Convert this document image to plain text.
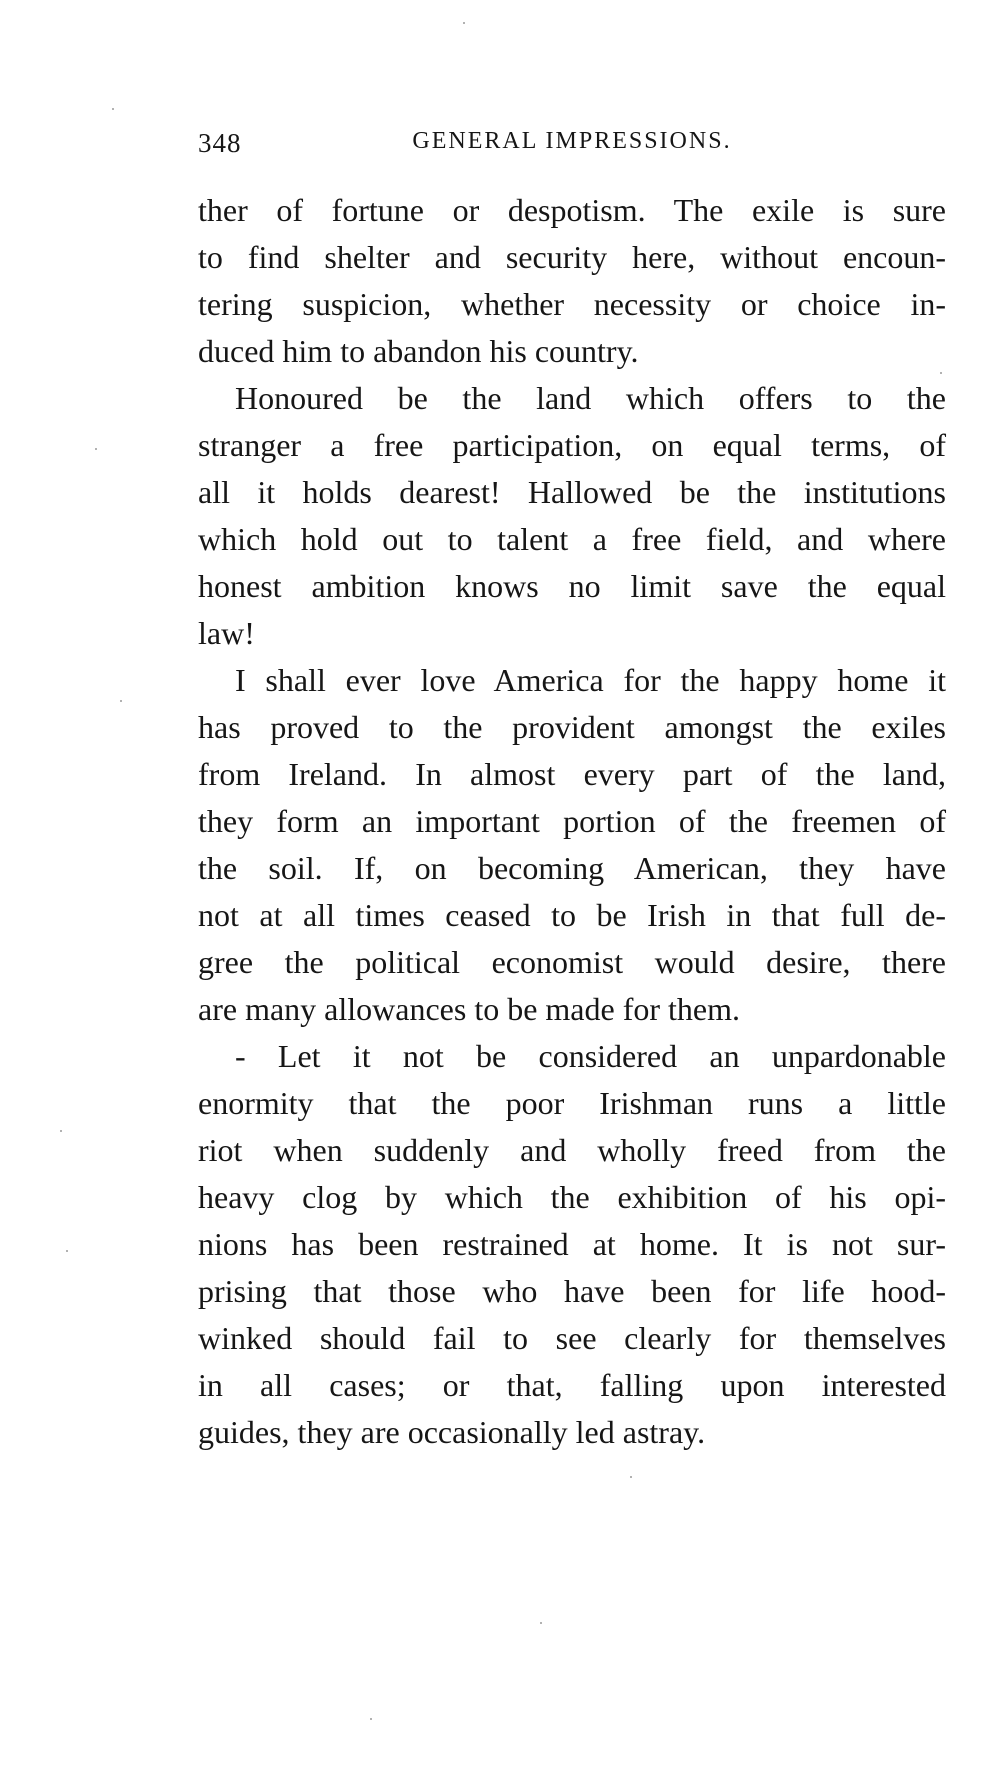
348	GENERAL IMPRESSIONS.
ther of fortune or despotism. The exile is sure
to find shelter and security here, without encoun-
tering suspicion, whether necessity or choice in-
duced him to abandon his country.
Honoured be the land which offers to the
stranger a free participation, on equal terms, of
all it holds dearest! Hallowed be the institutions
which hold out to talent a free field, and where
honest ambition knows no limit save the equal
law!
I shall ever love America for the happy home it
has proved to the provident amongst the exiles
from Ireland. In almost every part of the land,
they form an important portion of the freemen of
the soil. If, on becoming American, they have
not at all times ceased to be Irish in that full de-
gree the political economist would desire, there
are many allowances to be made for them.
- Let it not be considered an unpardonable
enormity that the poor Irishman runs a little
riot when suddenly and wholly freed from the
heavy clog by which the exhibition of his opi-
nions has been restrained at home. It is not sur-
prising that those who have been for life hood-
winked should fail to see clearly for themselves
in all cases; or that, falling upon interested
guides, they are occasionally led astray.
